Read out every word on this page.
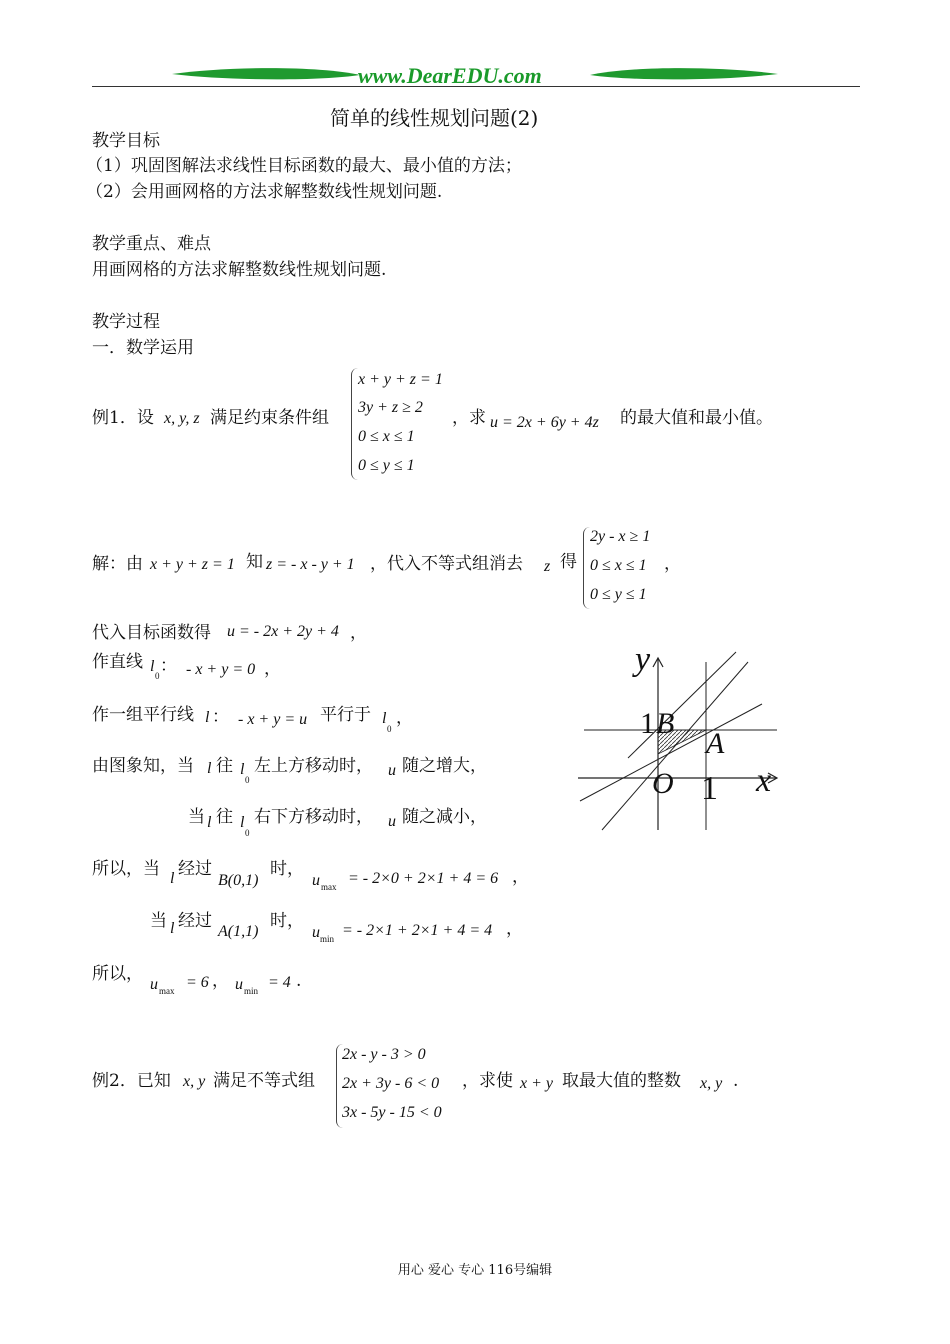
www.DearEDU.com
简单的线性规划问题(2)
教学目标
（1）巩固图解法求线性目标函数的最大、最小值的方法；
（2）会用画网格的方法求解整数线性规划问题.
教学重点、难点
用画网格的方法求解整数线性规划问题.
教学过程
一．数学运用
例1．设 x, y, z 满足约束条件组
x + y + z = 1
3y + z ≥ 2
0 ≤ x ≤ 1
0 ≤ y ≤ 1
，求 u = 2x + 6y + 4z 的最大值和最小值。
解：由 x + y + z = 1 知 z = - x - y + 1 ，代入不等式组消去 z 得
2y - x ≥ 1
0 ≤ x ≤ 1
0 ≤ y ≤ 1
，
代入目标函数得 u = - 2x + 2y + 4 ，
作直线 l
0 ： - x + y = 0 ，
作一组平行线 l ： - x + y = u 平行于 l
0
，
由图象知，当 l 往 l
0
左上方移动时， u 随之增大，
当 l 往 l
0
右下方移动时， u 随之减小，
所以，当 l 经过
B(0,1)
时，
u max = - 2×0 + 2×1 + 4 = 6 ，
当 l 经过
A(1,1)
时，
u min = - 2×1 + 2×1 + 4 = 4 ，
所以，
u max = 6 ， u min = 4 .
y
x
O
1 B
A
1
例2．已知 x, y 满足不等式组
2x - y - 3 > 0
2x + 3y - 6 < 0
3x - 5y - 15 < 0
，求使 x + y 取最大值的整数 x, y .
用心 爱心 专心 116号编辑
